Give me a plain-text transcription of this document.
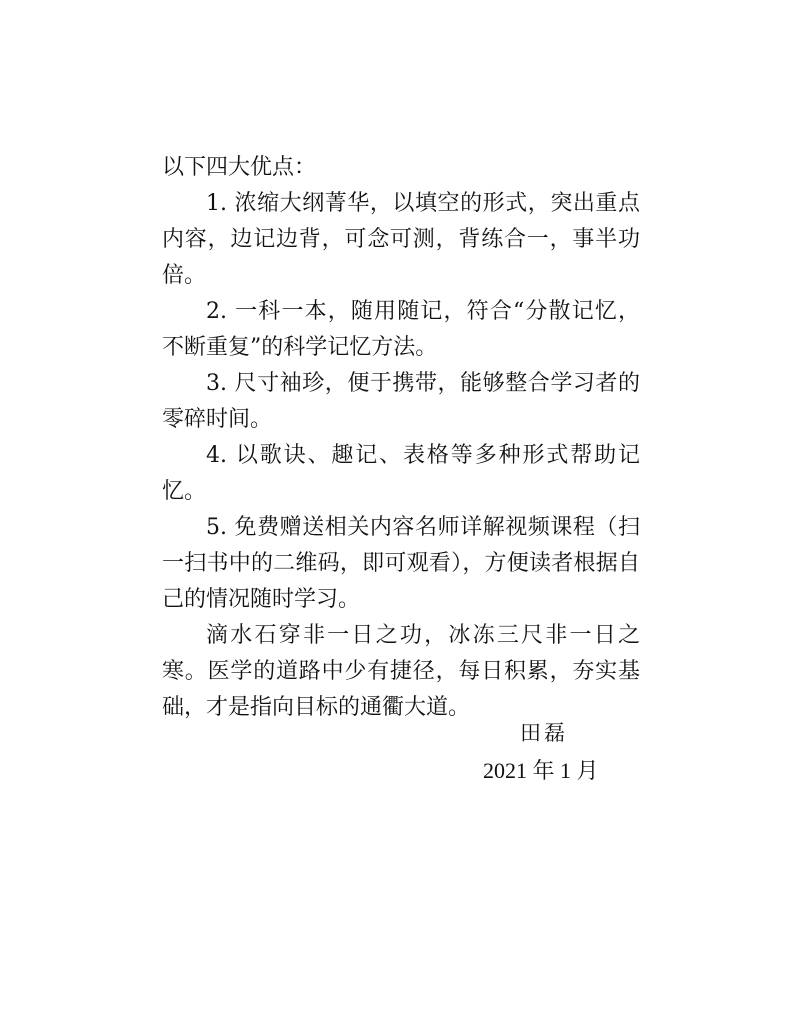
以下四大优点：

1. 浓缩大纲菁华，以填空的形式，突出重点内容，边记边背，可念可测，背练合一，事半功倍。

2. 一科一本，随用随记，符合“分散记忆，不断重复”的科学记忆方法。

3. 尺寸袖珍，便于携带，能够整合学习者的零碎时间。

4. 以歌诀、趣记、表格等多种形式帮助记忆。

5. 免费赠送相关内容名师详解视频课程（扫一扫书中的二维码，即可观看），方便读者根据自己的情况随时学习。

滴水石穿非一日之功，冰冻三尺非一日之寒。医学的道路中少有捷径，每日积累，夯实基础，才是指向目标的通衢大道。

田磊
2021 年 1 月
